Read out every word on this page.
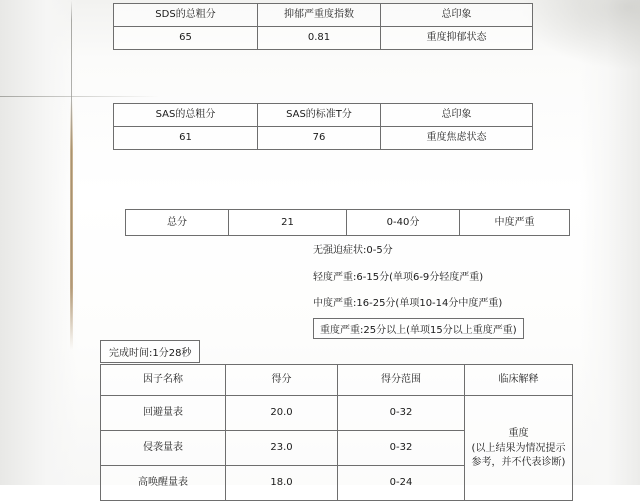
SDS的总粗分	抑郁严重度指数	总印象
65	0.81	重度抑郁状态
SAS的总粗分	SAS的标准T分	总印象
61	76	重度焦虑状态
总分	21	0-40分	中度严重
无强迫症状:0-5分
轻度严重:6-15分(单项6-9分轻度严重)
中度严重:16-25分(单项10-14分中度严重)
重度严重:25分以上(单项15分以上重度严重)
完成时间:1分28秒
因子名称	得分	得分范围	临床解释
回避量表	20.0	0-32	重度
(以上结果为情况提示参考，并不代表诊断)
侵袭量表	23.0	0-32	
高唤醒量表	18.0	0-24	
